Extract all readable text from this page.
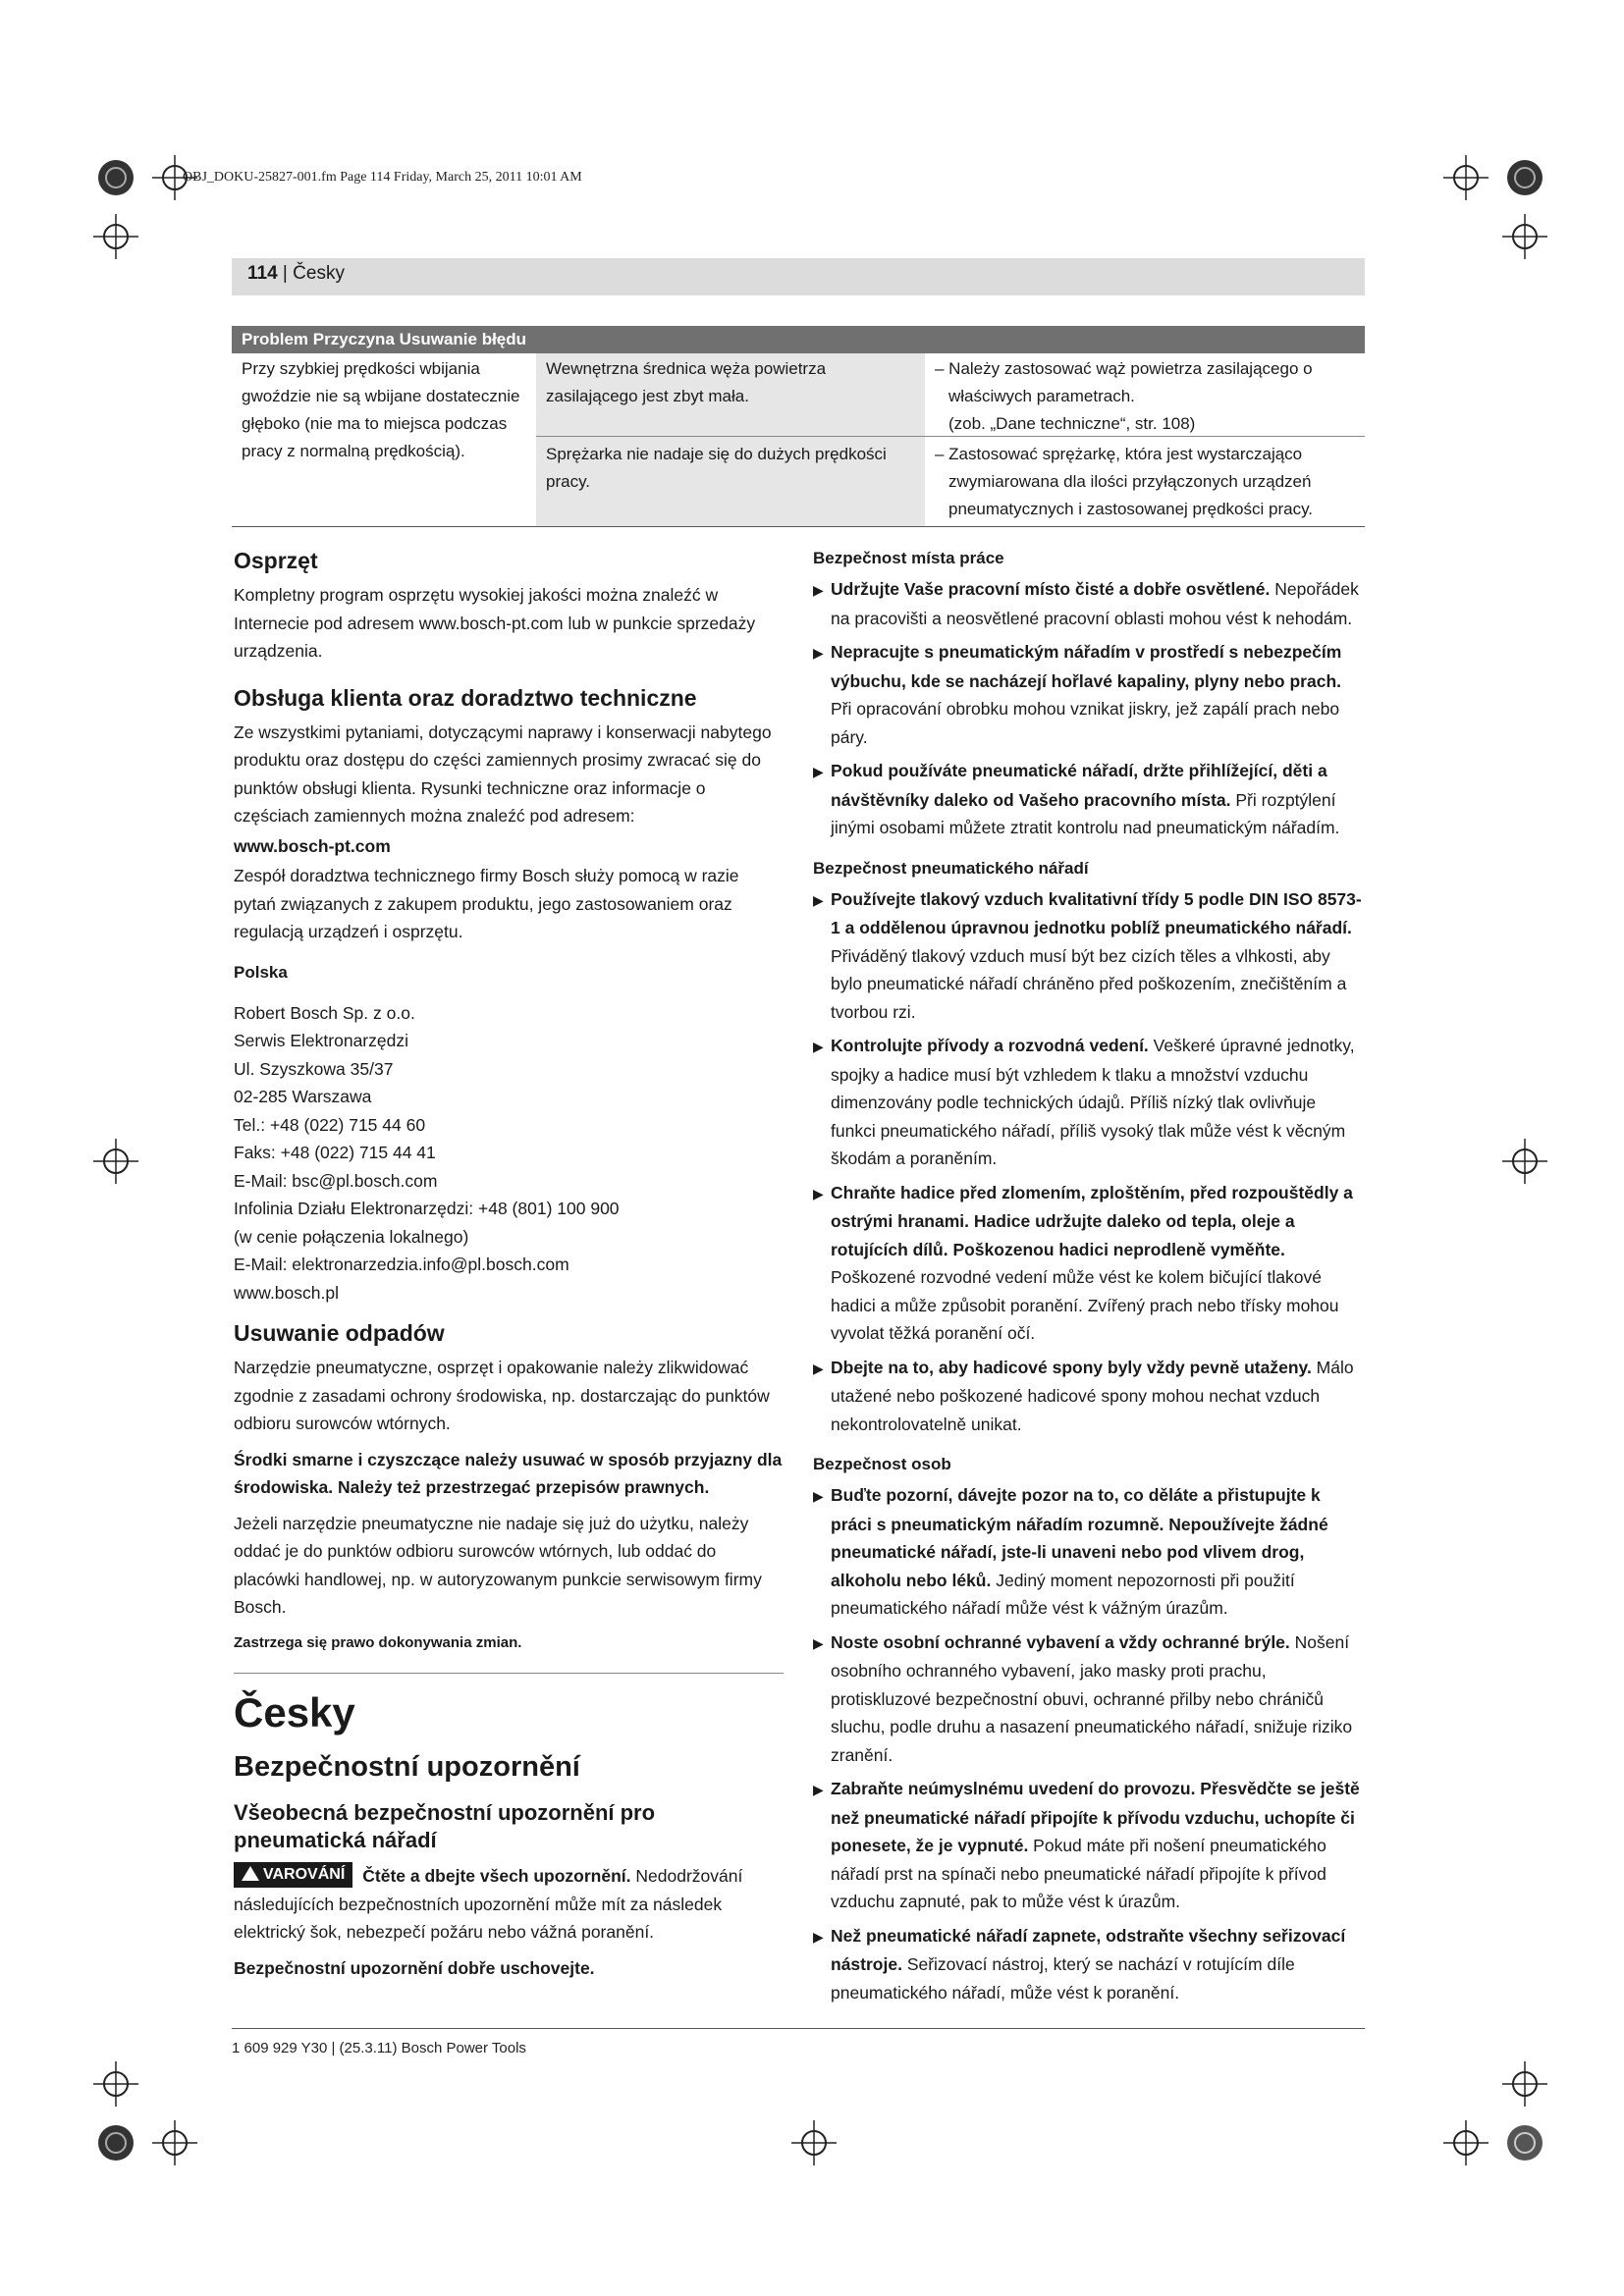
OBJ_DOKU-25827-001.fm Page 114 Friday, March 25, 2011 10:01 AM
114 | Česky
Problem Przyczyna Usuwanie błędu
Przy szybkiej prędkości wbijania
gwoździe nie są wbijane dostatecznie
głęboko (nie ma to miejsca podczas
pracy z normalną prędkością).
Wewnętrzna średnica węża powietrza
zasilającego jest zbyt mała.
– Należy zastosować wąż powietrza zasilającego o
właściwych parametrach.
(zob. „Dane techniczne“, str. 108)
Sprężarka nie nadaje się do dużych prędkości
pracy.
– Zastosować sprężarkę, która jest wystarczająco
zwymiarowana dla ilości przyłączonych urządzeń
pneumatycznych i zastosowanej prędkości pracy.
Osprzęt

Kompletny program osprzętu wysokiej jakości można znaleźć w Internecie pod adresem www.bosch-pt.com lub w punkcie sprzedaży urządzenia.

Obsługa klienta oraz doradztwo techniczne

Ze wszystkimi pytaniami, dotyczącymi naprawy i konserwacji nabytego produktu oraz dostępu do części zamiennych prosimy zwracać się do punktów obsługi klienta. Rysunki techniczne oraz informacje o częściach zamiennych można znaleźć pod adresem:

www.bosch-pt.com

Zespół doradztwa technicznego firmy Bosch służy pomocą w razie pytań związanych z zakupem produktu, jego zastosowaniem oraz regulacją urządzeń i osprzętu.

Polska
Robert Bosch Sp. z o.o.
Serwis Elektronarzędzi
Ul. Szyszkowa 35/37
02-285 Warszawa
Tel.: +48 (022) 715 44 60
Faks: +48 (022) 715 44 41
E-Mail: bsc@pl.bosch.com
Infolinia Działu Elektronarzędzi: +48 (801) 100 900
(w cenie połączenia lokalnego)
E-Mail: elektronarzedzia.info@pl.bosch.com
www.bosch.pl
Usuwanie odpadów

Narzędzie pneumatyczne, osprzęt i opakowanie należy zlikwidować zgodnie z zasadami ochrony środowiska, np. dostarczając do punktów odbioru surowców wtórnych.

Środki smarne i czyszczące należy usuwać w sposób przyjazny dla środowiska. Należy też przestrzegać przepisów prawnych.

Jeżeli narzędzie pneumatyczne nie nadaje się już do użytku, należy oddać je do punktów odbioru surowców wtórnych, lub oddać do placówki handlowej, np. w autoryzowanym punkcie serwisowym firmy Bosch.

Zastrzega się prawo dokonywania zmian.
Česky
Bezpečnostní upozornění
Všeobecná bezpečnostní upozornění pro pneumatická nářadí

VAROVÁNÍ Čtěte a dbejte všech upozornění. Nedodržování následujících bezpečnostních upozornění může mít za následek elektrický šok, nebezpečí požáru nebo vážná poranění.

Bezpečnostní upozornění dobře uschovejte.

Bezpečnost místa práce
▶ Udržujte Vaše pracovní místo čisté a dobře osvětlené. Nepořádek na pracovišti a neosvětlené pracovní oblasti mohou vést k nehodám.
▶ Nepracujte s pneumatickým nářadím v prostředí s nebezpečím výbuchu, kde se nacházejí hořlavé kapaliny, plyny nebo prach. Při opracování obrobku mohou vznikat jiskry, jež zapálí prach nebo páry.
▶ Pokud používáte pneumatické nářadí, držte přihlížející, děti a návštěvníky daleko od Vašeho pracovního místa. Při rozptýlení jinými osobami můžete ztratit kontrolu nad pneumatickým nářadím.
Bezpečnost pneumatického nářadí
▶ Používejte tlakový vzduch kvalitativní třídy 5 podle DIN ISO 8573-1 a oddělenou úpravnou jednotku poblíž pneumatického nářadí. Přiváděný tlakový vzduch musí být bez cizích těles a vlhkosti, aby bylo pneumatické nářadí chráněno před poškozením, znečištěním a tvorbou rzi.
▶ Kontrolujte přívody a rozvodná vedení. Veškeré úpravné jednotky, spojky a hadice musí být vzhledem k tlaku a množství vzduchu dimenzovány podle technických údajů. Příliš nízký tlak ovlivňuje funkci pneumatického nářadí, příliš vysoký tlak může vést k věcným škodám a poraněním.
▶ Chraňte hadice před zlomením, zploštěním, před rozpouštědly a ostrými hranami. Hadice udržujte daleko od tepla, oleje a rotujících dílů. Poškozenou hadici neprodleně vyměňte. Poškozené rozvodné vedení může vést ke kolem bičující tlakové hadici a může způsobit poranění. Zvířený prach nebo třísky mohou vyvolat těžká poranění očí.
▶ Dbejte na to, aby hadicové spony byly vždy pevně utaženy. Málo utažené nebo poškozené hadicové spony mohou nechat vzduch nekontrolovatelně unikat.
Bezpečnost osob
▶ Buďte pozorní, dávejte pozor na to, co děláte a přistupujte k práci s pneumatickým nářadím rozumně. Nepoužívejte žádné pneumatické nářadí, jste-li unaveni nebo pod vlivem drog, alkoholu nebo léků. Jediný moment nepozornosti při použití pneumatického nářadí může vést k vážným úrazům.
▶ Noste osobní ochranné vybavení a vždy ochranné brýle. Nošení osobního ochranného vybavení, jako masky proti prachu, protiskluzové bezpečnostní obuvi, ochranné přilby nebo chráničů sluchu, podle druhu a nasazení pneumatického nářadí, snižuje riziko zranění.
▶ Zabraňte neúmyslnému uvedení do provozu. Přesvědčte se ještě než pneumatické nářadí připojíte k přívodu vzduchu, uchopíte či ponesete, že je vypnuté. Pokud máte při nošení pneumatického nářadí prst na spínači nebo pneumatické nářadí připojíte k přívod vzduchu zapnuté, pak to může vést k úrazům.
▶ Než pneumatické nářadí zapnete, odstraňte všechny seřizovací nástroje. Seřizovací nástroj, který se nachází v rotujícím díle pneumatického nářadí, může vést k poranění.
1 609 929 Y30 | (25.3.11) Bosch Power Tools
